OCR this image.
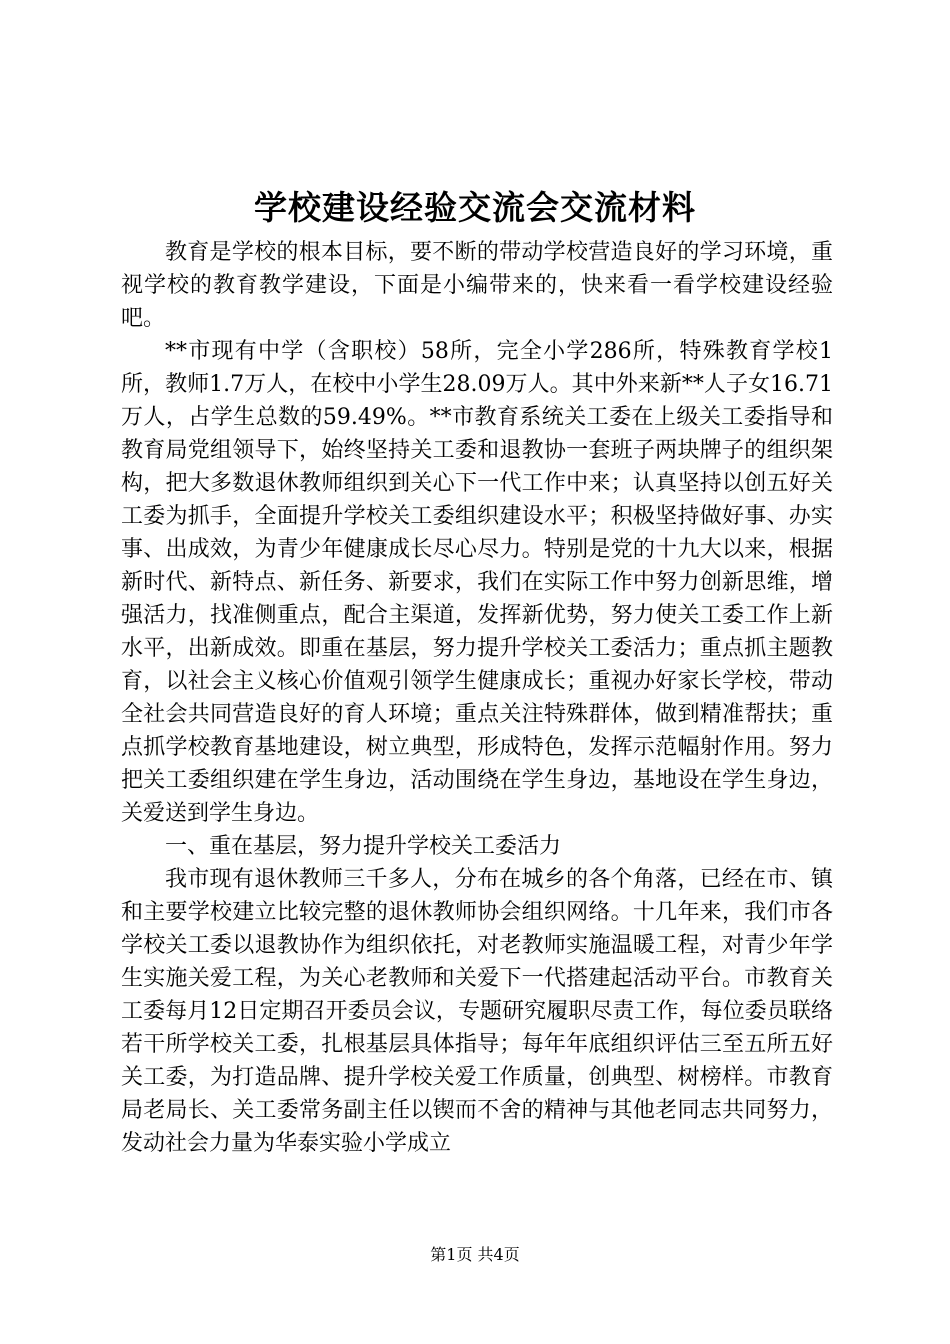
学校建设经验交流会交流材料

教育是学校的根本目标，要不断的带动学校营造良好的学习环境，重视学校的教育教学建设，下面是小编带来的，快来看一看学校建设经验吧。

**市现有中学（含职校）58所，完全小学286所，特殊教育学校1所，教师1.7万人，在校中小学生28.09万人。其中外来新**人子女16.71万人，占学生总数的59.49%。**市教育系统关工委在上级关工委指导和教育局党组领导下，始终坚持关工委和退教协一套班子两块牌子的组织架构，把大多数退休教师组织到关心下一代工作中来；认真坚持以创五好关工委为抓手，全面提升学校关工委组织建设水平；积极坚持做好事、办实事、出成效，为青少年健康成长尽心尽力。特别是党的十九大以来，根据新时代、新特点、新任务、新要求，我们在实际工作中努力创新思维，增强活力，找准侧重点，配合主渠道，发挥新优势，努力使关工委工作上新水平，出新成效。即重在基层，努力提升学校关工委活力；重点抓主题教育，以社会主义核心价值观引领学生健康成长；重视办好家长学校，带动全社会共同营造良好的育人环境；重点关注特殊群体，做到精准帮扶；重点抓学校教育基地建设，树立典型，形成特色，发挥示范幅射作用。努力把关工委组织建在学生身边，活动围绕在学生身边，基地设在学生身边，关爱送到学生身边。

一、重在基层，努力提升学校关工委活力

我市现有退休教师三千多人，分布在城乡的各个角落，已经在市、镇和主要学校建立比较完整的退休教师协会组织网络。十几年来，我们市各学校关工委以退教协作为组织依托，对老教师实施温暖工程，对青少年学生实施关爱工程，为关心老教师和关爱下一代搭建起活动平台。市教育关工委每月12日定期召开委员会议，专题研究履职尽责工作，每位委员联络若干所学校关工委，扎根基层具体指导；每年年底组织评估三至五所五好关工委，为打造品牌、提升学校关爱工作质量，创典型、树榜样。市教育局老局长、关工委常务副主任以锲而不舍的精神与其他老同志共同努力，发动社会力量为华泰实验小学成立

第1页 共4页
